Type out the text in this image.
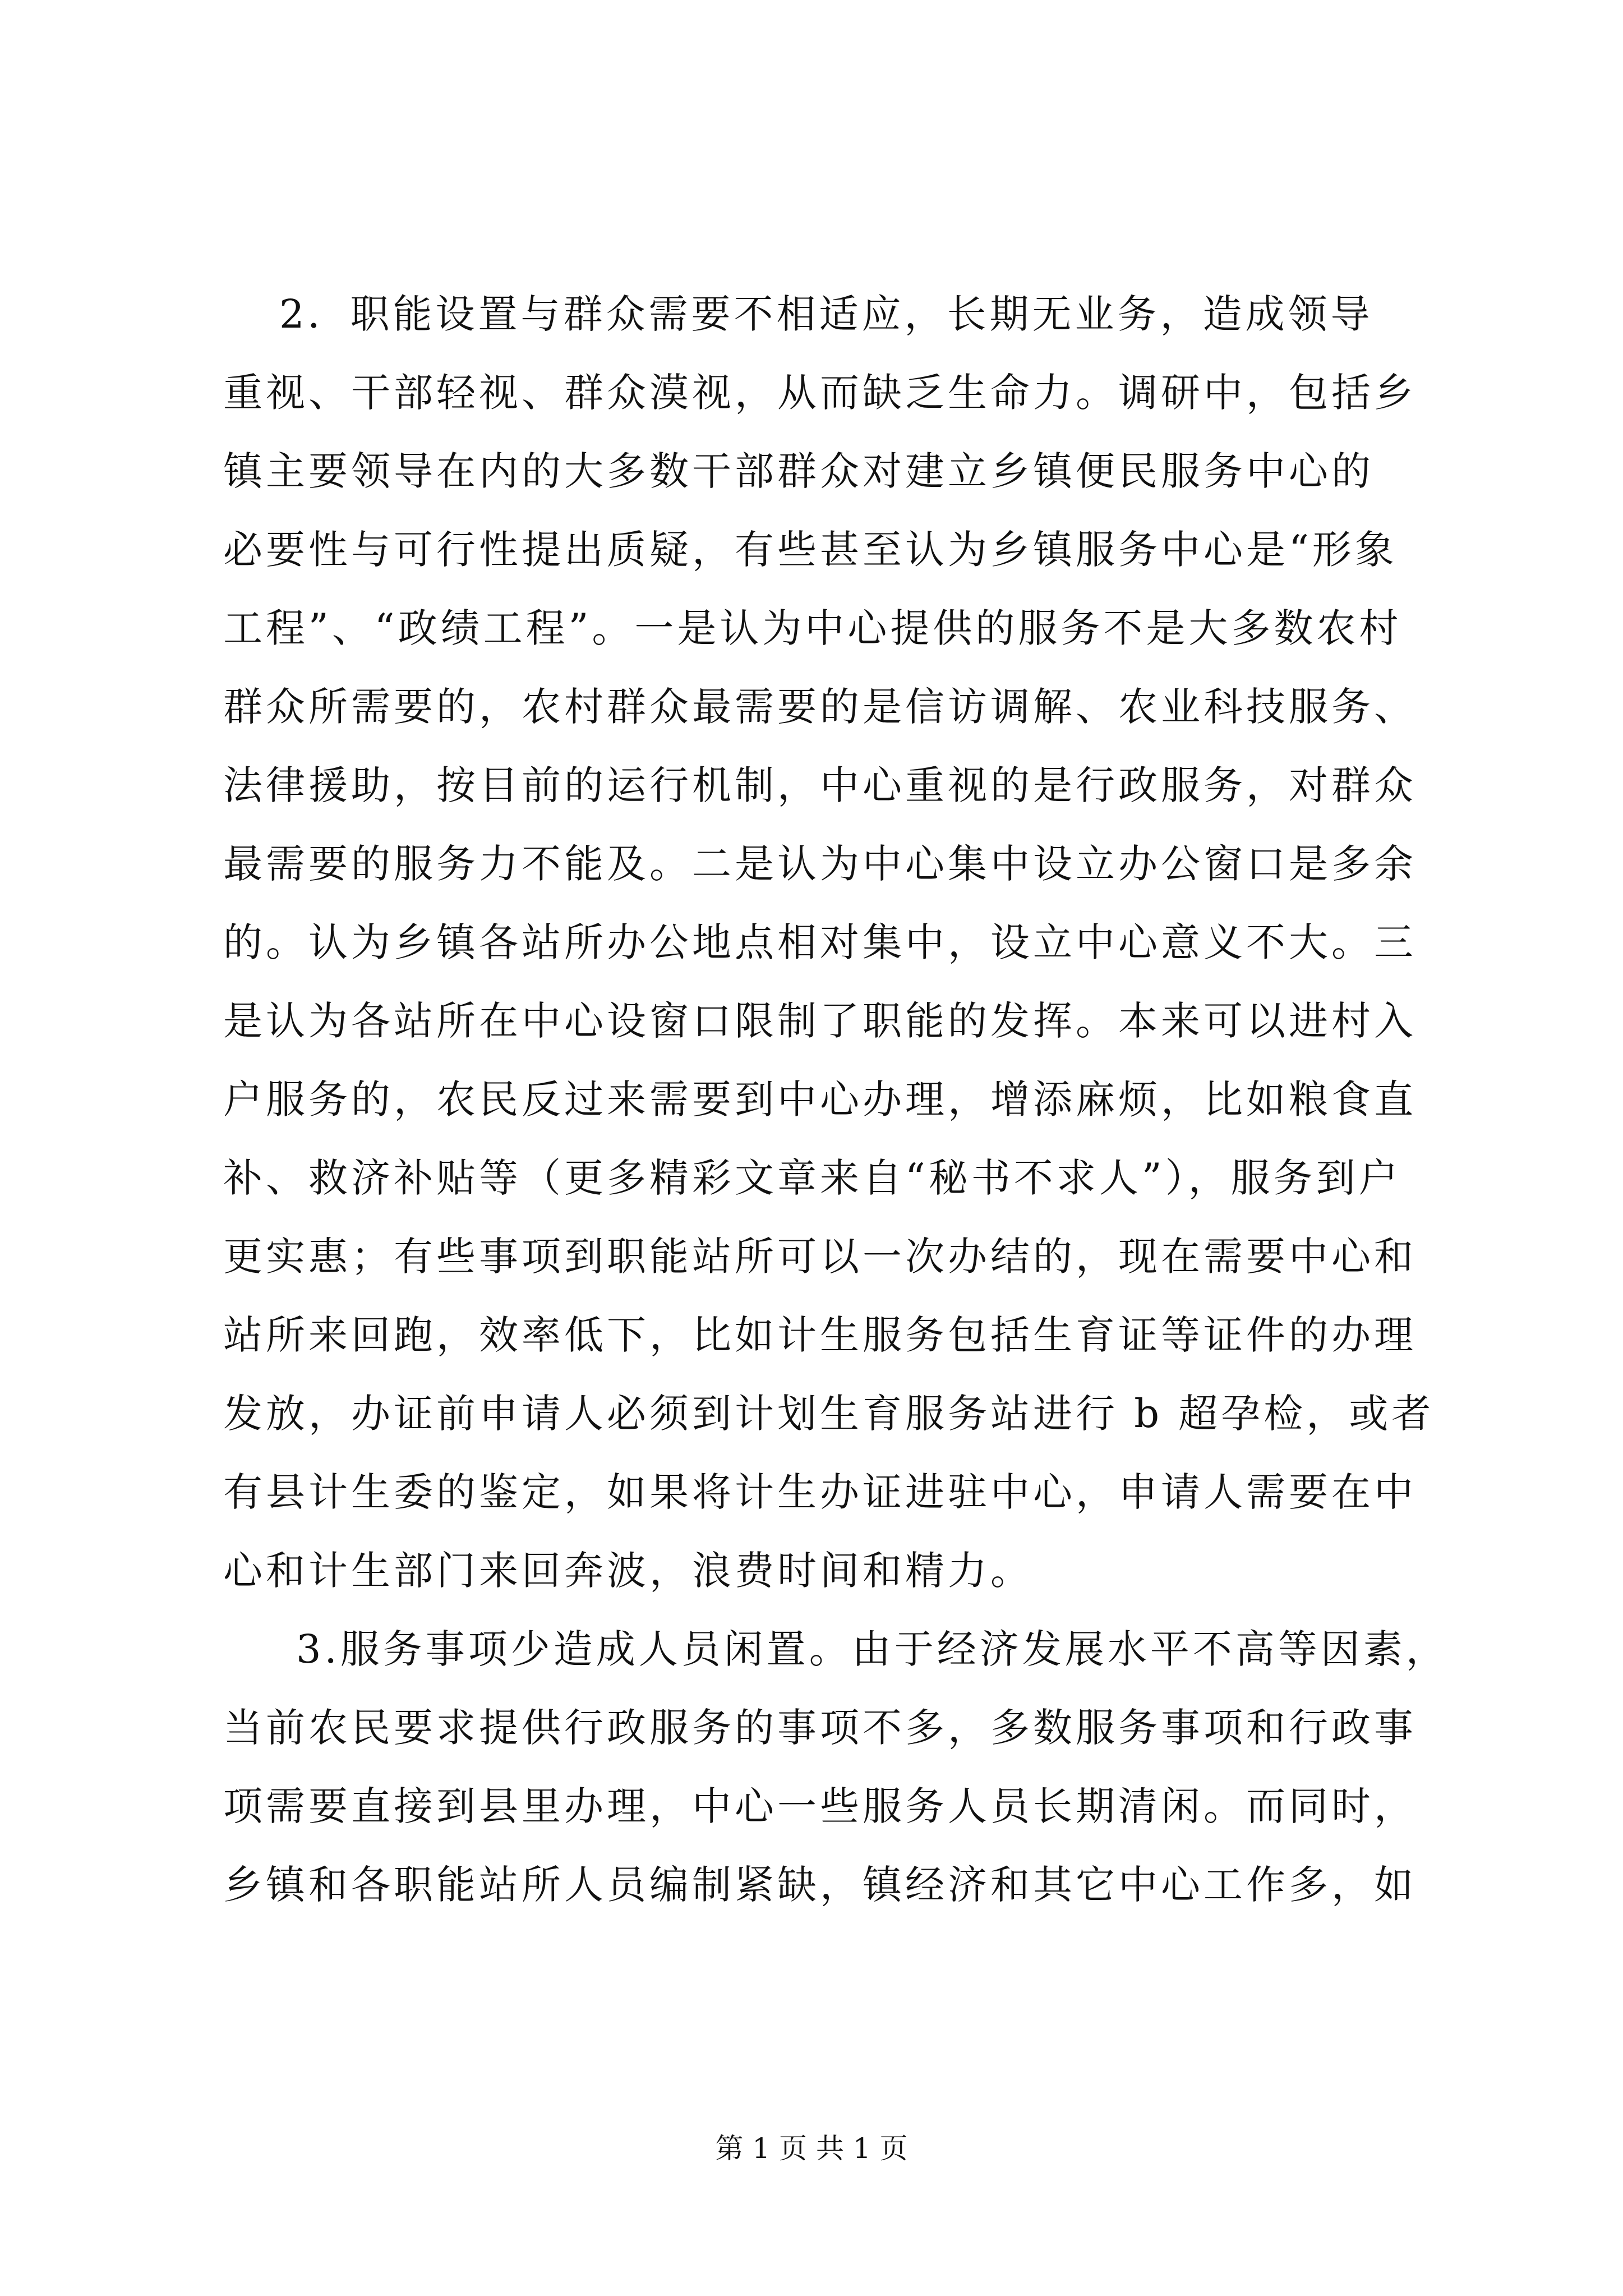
2．职能设置与群众需要不相适应，长期无业务，造成领导
重视、干部轻视、群众漠视，从而缺乏生命力。调研中，包括乡
镇主要领导在内的大多数干部群众对建立乡镇便民服务中心的
必要性与可行性提出质疑，有些甚至认为乡镇服务中心是“形象
工程”、“政绩工程”。一是认为中心提供的服务不是大多数农村
群众所需要的，农村群众最需要的是信访调解、农业科技服务、
法律援助，按目前的运行机制，中心重视的是行政服务，对群众
最需要的服务力不能及。二是认为中心集中设立办公窗口是多余
的。认为乡镇各站所办公地点相对集中，设立中心意义不大。三
是认为各站所在中心设窗口限制了职能的发挥。本来可以进村入
户服务的，农民反过来需要到中心办理，增添麻烦，比如粮食直
补、救济补贴等（更多精彩文章来自“秘书不求人”），服务到户
更实惠；有些事项到职能站所可以一次办结的，现在需要中心和
站所来回跑，效率低下，比如计生服务包括生育证等证件的办理
发放，办证前申请人必须到计划生育服务站进行 b 超孕检，或者
有县计生委的鉴定，如果将计生办证进驻中心，申请人需要在中
心和计生部门来回奔波，浪费时间和精力。
3.服务事项少造成人员闲置。由于经济发展水平不高等因素，
当前农民要求提供行政服务的事项不多，多数服务事项和行政事
项需要直接到县里办理，中心一些服务人员长期清闲。而同时，
乡镇和各职能站所人员编制紧缺，镇经济和其它中心工作多，如
第 1 页 共 1 页
